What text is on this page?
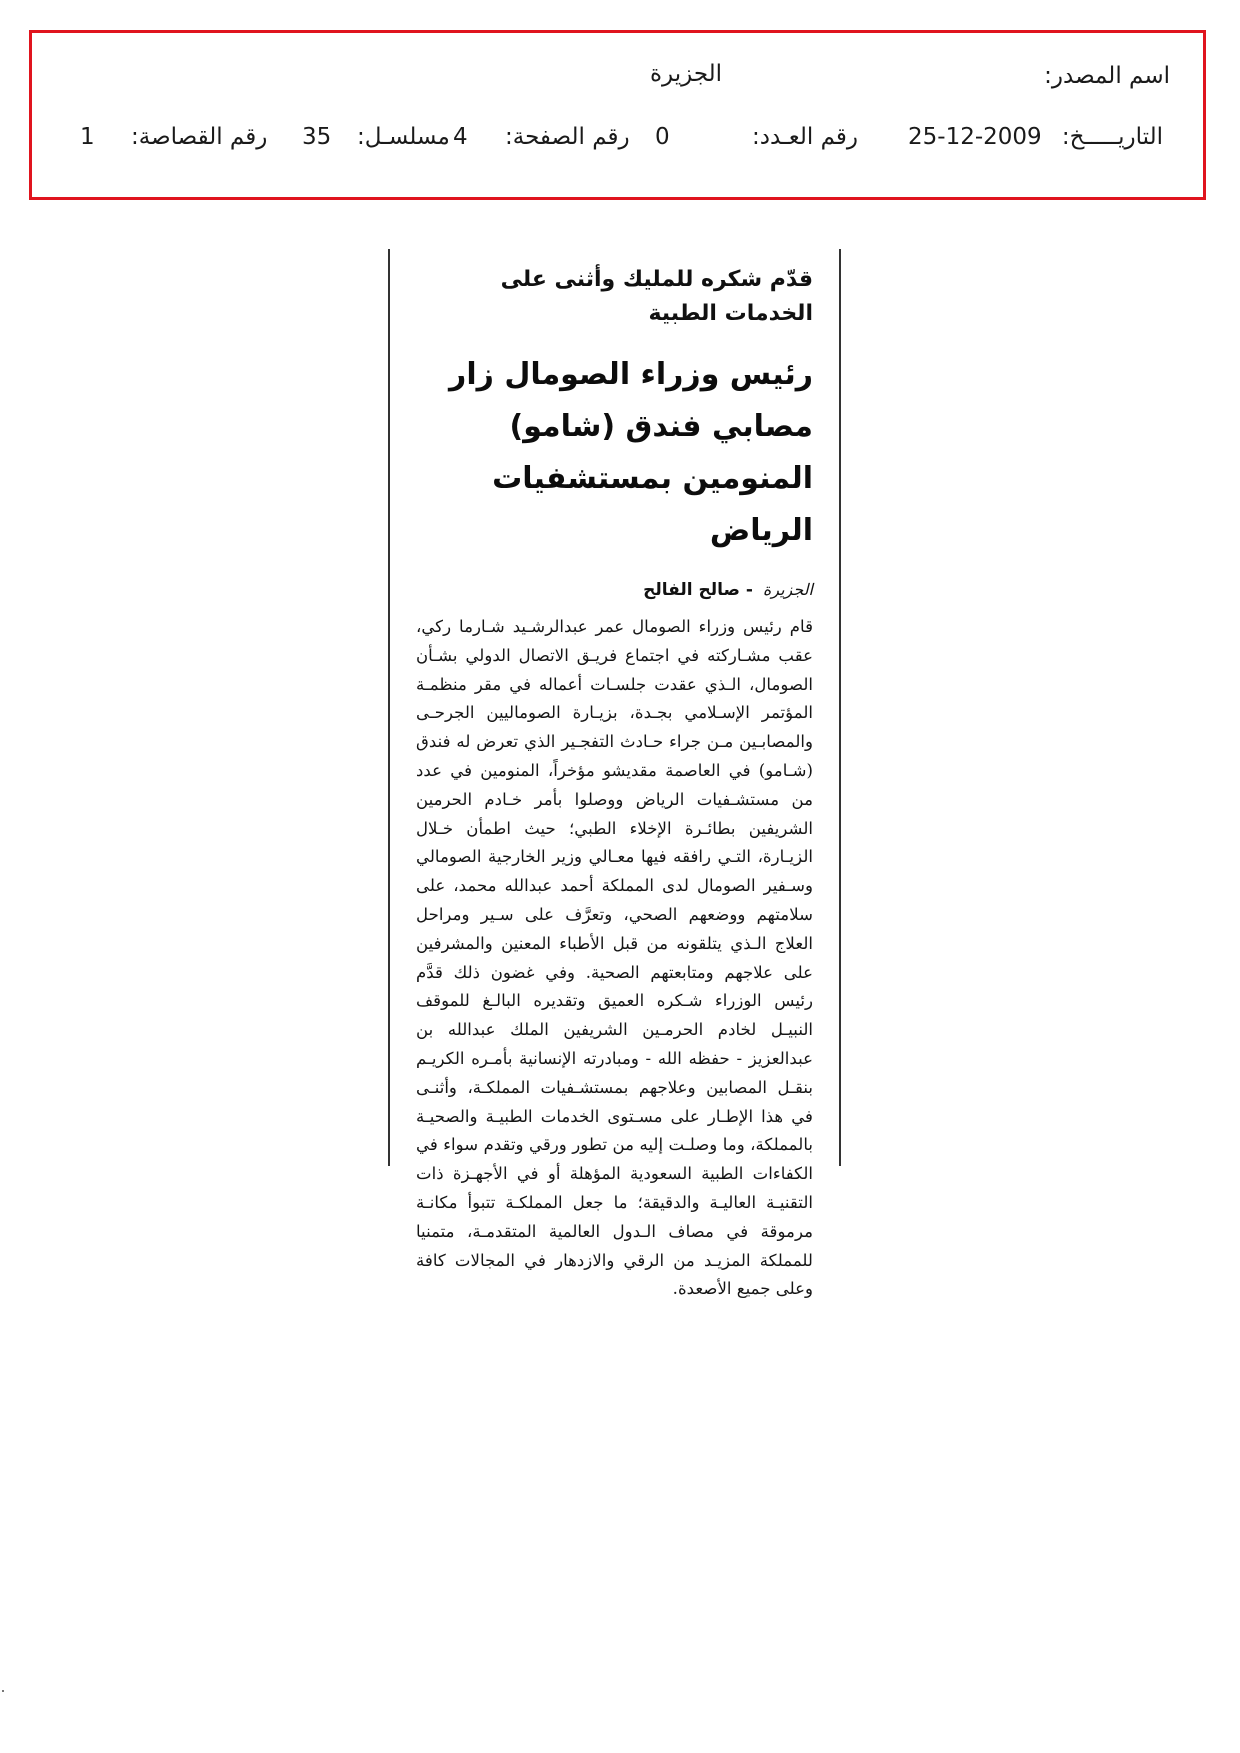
اسم المصدر:
الجزيرة
التاريـــــخ:
25-12-2009
رقم العـدد:
0
رقم الصفحة:
4
مسلسـل:
35
رقم القصاصة:
1
قدّم شكره للمليك وأثنى على الخدمات الطبية
رئيس وزراء الصومال زار مصابي فندق (شامو) المنومين بمستشفيات الرياض
الجزيرة - صالح الفالح
قام رئيس وزراء الصومال عمر عبدالرشـيد شـارما ركي، عقب مشـاركته في اجتماع فريـق الاتصال الدولي بشـأن الصومال، الـذي عقدت جلسـات أعماله في مقر منظمـة المؤتمر الإسـلامي بجـدة، بزيـارة الصوماليين الجرحـى والمصابـين مـن جراء حـادث التفجـير الذي تعرض له فندق (شـامو) في العاصمة مقديشو مؤخراً، المنومين في عدد من مستشـفيات الرياض ووصلوا بأمر خـادم الحرمين الشريفين بطائـرة الإخلاء الطبي؛ حيث اطمأن خـلال الزيـارة، التـي رافقه فيها معـالي وزير الخارجية الصومالي وسـفير الصومال لدى المملكة أحمد عبدالله محمد، على سلامتهم ووضعهم الصحي، وتعرَّف على سـير ومراحل العلاج الـذي يتلقونه من قبل الأطباء المعنين والمشرفين على علاجهم ومتابعتهم الصحية. وفي غضون ذلك قدَّم رئيس الوزراء شـكره العميق وتقديره البالـغ للموقف النبيـل لخادم الحرمـين الشريفين الملك عبدالله بن عبدالعزيز - حفظه الله - ومبادرته الإنسانية بأمـره الكريـم بنقـل المصابين وعلاجهم بمستشـفيات المملكـة، وأثنـى في هذا الإطـار على مسـتوى الخدمات الطبيـة والصحيـة بالمملكة، وما وصلـت إليه من تطور ورقي وتقدم سواء في الكفاءات الطبية السعودية المؤهلة أو في الأجهـزة ذات التقنيـة العاليـة والدقيقة؛ ما جعل المملكـة تتبوأ مكانـة مرموقة في مصاف الـدول العالمية المتقدمـة، متمنيا للمملكة المزيـد من الرقي والازدهار في المجالات كافة وعلى جميع الأصعدة.
